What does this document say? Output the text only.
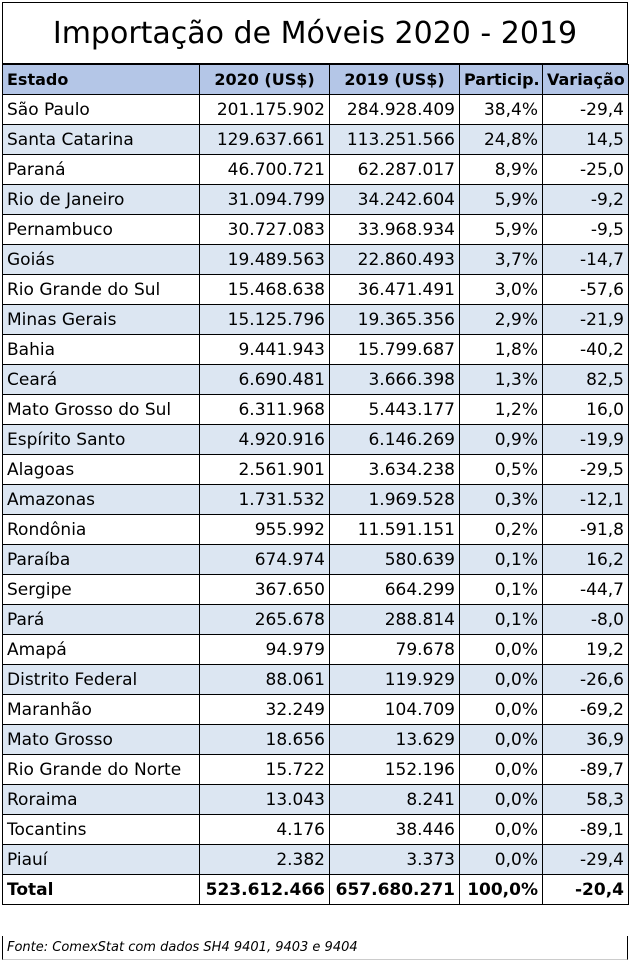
Importação de Móveis 2020 - 2019
Estado	2020 (US$)	2019 (US$)	Particip.	Variação
São Paulo	201.175.902	284.928.409	38,4%	-29,4
Santa Catarina	129.637.661	113.251.566	24,8%	14,5
Paraná	46.700.721	62.287.017	8,9%	-25,0
Rio de Janeiro	31.094.799	34.242.604	5,9%	-9,2
Pernambuco	30.727.083	33.968.934	5,9%	-9,5
Goiás	19.489.563	22.860.493	3,7%	-14,7
Rio Grande do Sul	15.468.638	36.471.491	3,0%	-57,6
Minas Gerais	15.125.796	19.365.356	2,9%	-21,9
Bahia	9.441.943	15.799.687	1,8%	-40,2
Ceará	6.690.481	3.666.398	1,3%	82,5
Mato Grosso do Sul	6.311.968	5.443.177	1,2%	16,0
Espírito Santo	4.920.916	6.146.269	0,9%	-19,9
Alagoas	2.561.901	3.634.238	0,5%	-29,5
Amazonas	1.731.532	1.969.528	0,3%	-12,1
Rondônia	955.992	11.591.151	0,2%	-91,8
Paraíba	674.974	580.639	0,1%	16,2
Sergipe	367.650	664.299	0,1%	-44,7
Pará	265.678	288.814	0,1%	-8,0
Amapá	94.979	79.678	0,0%	19,2
Distrito Federal	88.061	119.929	0,0%	-26,6
Maranhão	32.249	104.709	0,0%	-69,2
Mato Grosso	18.656	13.629	0,0%	36,9
Rio Grande do Norte	15.722	152.196	0,0%	-89,7
Roraima	13.043	8.241	0,0%	58,3
Tocantins	4.176	38.446	0,0%	-89,1
Piauí	2.382	3.373	0,0%	-29,4
Total	523.612.466	657.680.271	100,0%	-20,4
Fonte: ComexStat com dados SH4 9401, 9403 e 9404
